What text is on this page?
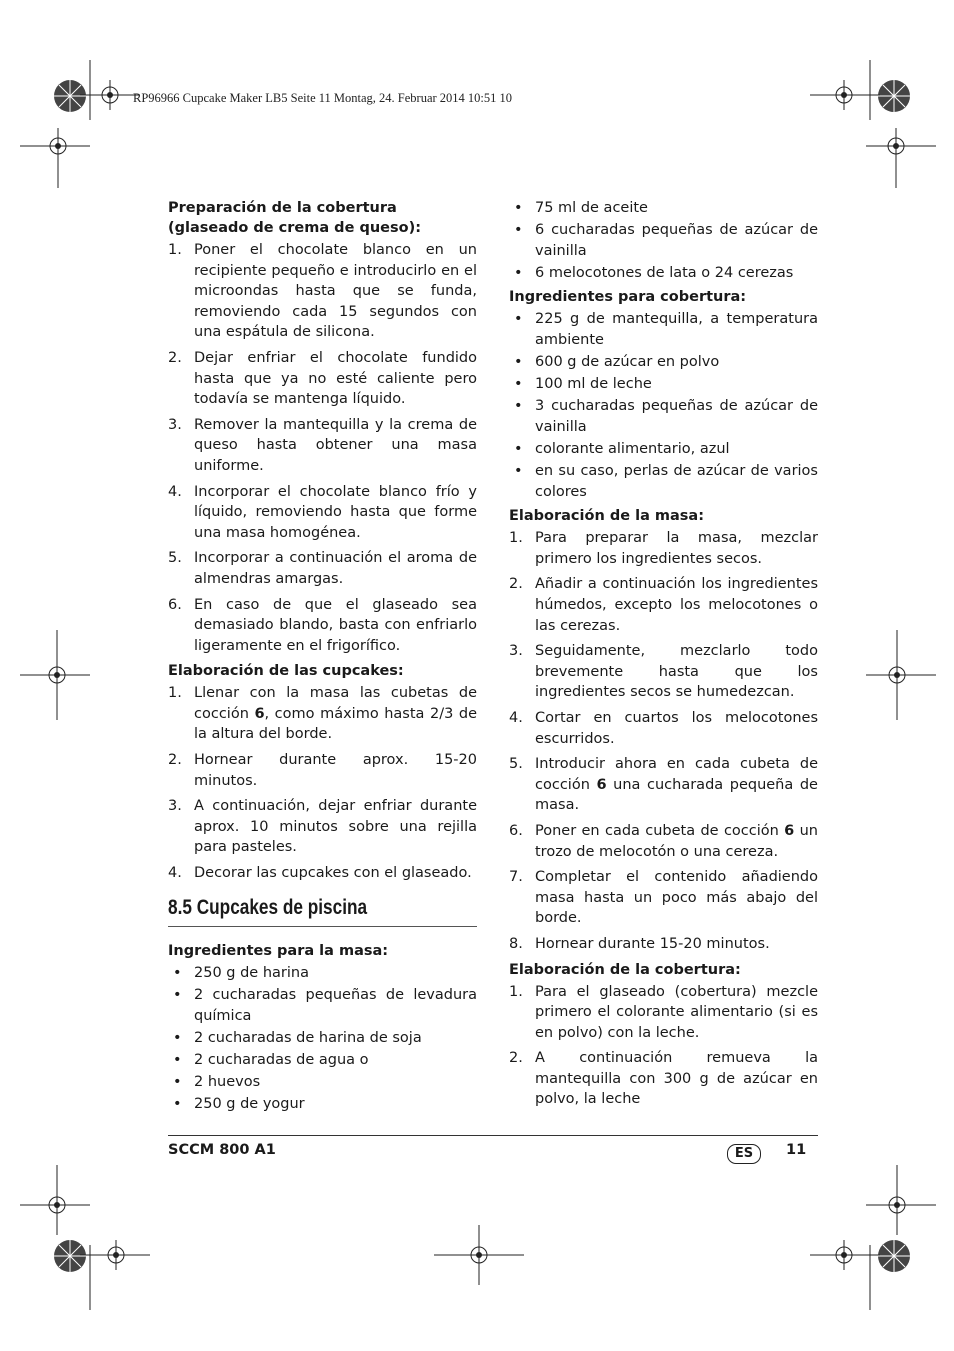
RP96966 Cupcake Maker LB5 Seite 11 Montag, 24. Februar 2014 10:51 10
Preparación de la cobertura
(glaseado de crema de queso):
1. Poner el chocolate blanco en un recipiente pequeño e introducirlo en el microondas hasta que se funda, removiendo cada 15 segundos con una espátula de silicona.
2. Dejar enfriar el chocolate fundido hasta que ya no esté caliente pero todavía se mantenga líquido.
3. Remover la mantequilla y la crema de queso hasta obtener una masa uniforme.
4. Incorporar el chocolate blanco frío y líquido, removiendo hasta que forme una masa homogénea.
5. Incorporar a continuación el aroma de almendras amargas.
6. En caso de que el glaseado sea demasiado blando, basta con enfriarlo ligeramente en el frigorífico.
Elaboración de las cupcakes:
1. Llenar con la masa las cubetas de cocción 6, como máximo hasta 2/3 de la altura del borde.
2. Hornear durante aprox. 15-20 minutos.
3. A continuación, dejar enfriar durante aprox. 10 minutos sobre una rejilla para pasteles.
4. Decorar las cupcakes con el glaseado.
8.5 Cupcakes de piscina
Ingredientes para la masa:
• 250 g de harina
• 2 cucharadas pequeñas de levadura química
• 2 cucharadas de harina de soja
• 2 cucharadas de agua o
• 2 huevos
• 250 g de yogur
• 75 ml de aceite
• 6 cucharadas pequeñas de azúcar de vainilla
• 6 melocotones de lata o 24 cerezas
Ingredientes para cobertura:
• 225 g de mantequilla, a temperatura ambiente
• 600 g de azúcar en polvo
• 100 ml de leche
• 3 cucharadas pequeñas de azúcar de vainilla
• colorante alimentario, azul
• en su caso, perlas de azúcar de varios colores
Elaboración de la masa:
1. Para preparar la masa, mezclar primero los ingredientes secos.
2. Añadir a continuación los ingredientes húmedos, excepto los melocotones o las cerezas.
3. Seguidamente, mezclarlo todo brevemente hasta que los ingredientes secos se humedezcan.
4. Cortar en cuartos los melocotones escurridos.
5. Introducir ahora en cada cubeta de cocción 6 una cucharada pequeña de masa.
6. Poner en cada cubeta de cocción 6 un trozo de melocotón o una cereza.
7. Completar el contenido añadiendo masa hasta un poco más abajo del borde.
8. Hornear durante 15-20 minutos.
Elaboración de la cobertura:
1. Para el glaseado (cobertura) mezcle primero el colorante alimentario (si es en polvo) con la leche.
2. A continuación remueva la mantequilla con 300 g de azúcar en polvo, la leche
SCCM 800 A1	ES	11
